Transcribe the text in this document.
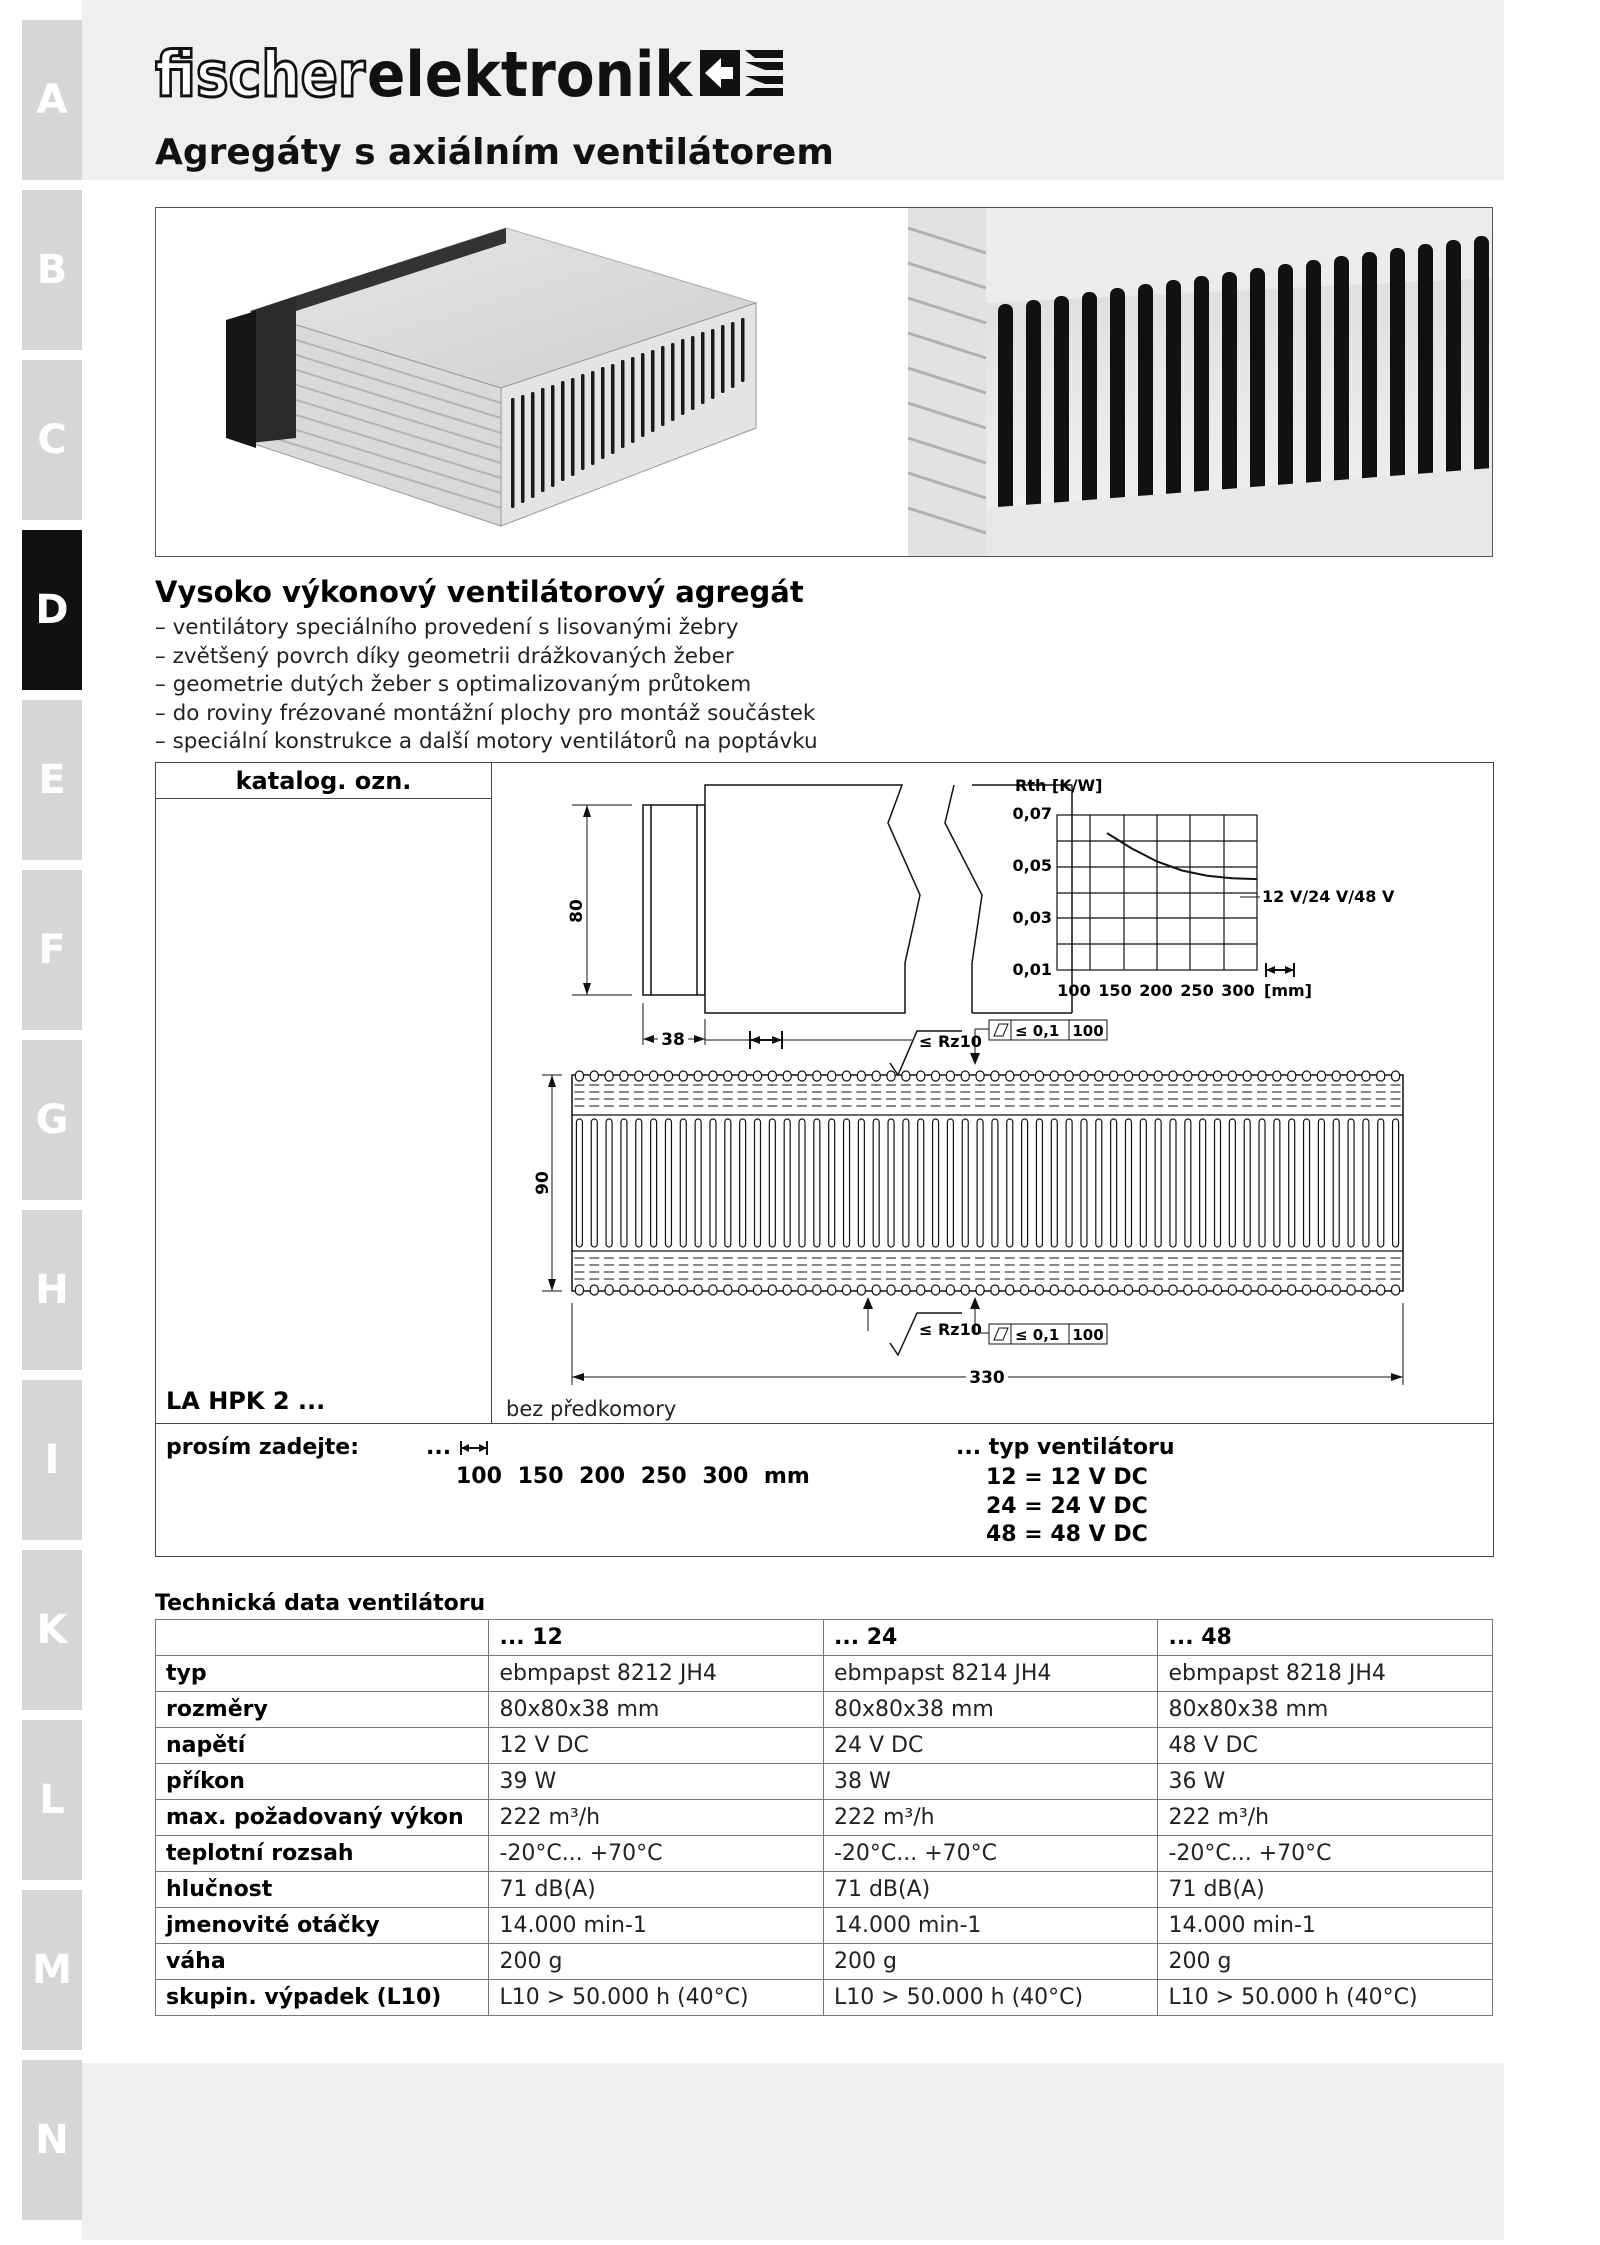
A
B
C
D
E
F
G
H
I
K
L
M
N
fischer elektronik
Agregáty s axiálním ventilátorem
Vysoko výkonový ventilátorový agregát
– ventilátory speciálního provedení s lisovanými žebry
– zvětšený povrch díky geometrii drážkovaných žeber
– geometrie dutých žeber s optimalizovaným průtokem
– do roviny frézované montážní plochy pro montáž součástek
– speciální konstrukce a další motory ventilátorů na poptávku
katalog. ozn.
LA HPK 2 ...	bez předkomory
80
38
Rth [K/W]
0,07
0,05
0,03
0,01
12 V/24 V/48 V
100 150 200 250 300 [mm]
≤ Rz10
≤ 0,1 100
90
≤ Rz10 ≤ 0,1 100
330
prosím zadejte:	...
100 150 200 250 300 mm
... typ ventilátoru
12 = 12 V DC
24 = 24 V DC
48 = 48 V DC
Technická data ventilátoru
	... 12	... 24	... 48
typ	ebmpapst 8212 JH4	ebmpapst 8214 JH4	ebmpapst 8218 JH4
rozměry	80x80x38 mm	80x80x38 mm	80x80x38 mm
napětí	12 V DC	24 V DC	48 V DC
příkon	39 W	38 W	36 W
max. požadovaný výkon	222 m³/h	222 m³/h	222 m³/h
teplotní rozsah	-20°C... +70°C	-20°C... +70°C	-20°C... +70°C
hlučnost	71 dB(A)	71 dB(A)	71 dB(A)
jmenovité otáčky	14.000 min-1	14.000 min-1	14.000 min-1
váha	200 g	200 g	200 g
skupin. výpadek (L10)	L10 > 50.000 h (40°C)	L10 > 50.000 h (40°C)	L10 > 50.000 h (40°C)
